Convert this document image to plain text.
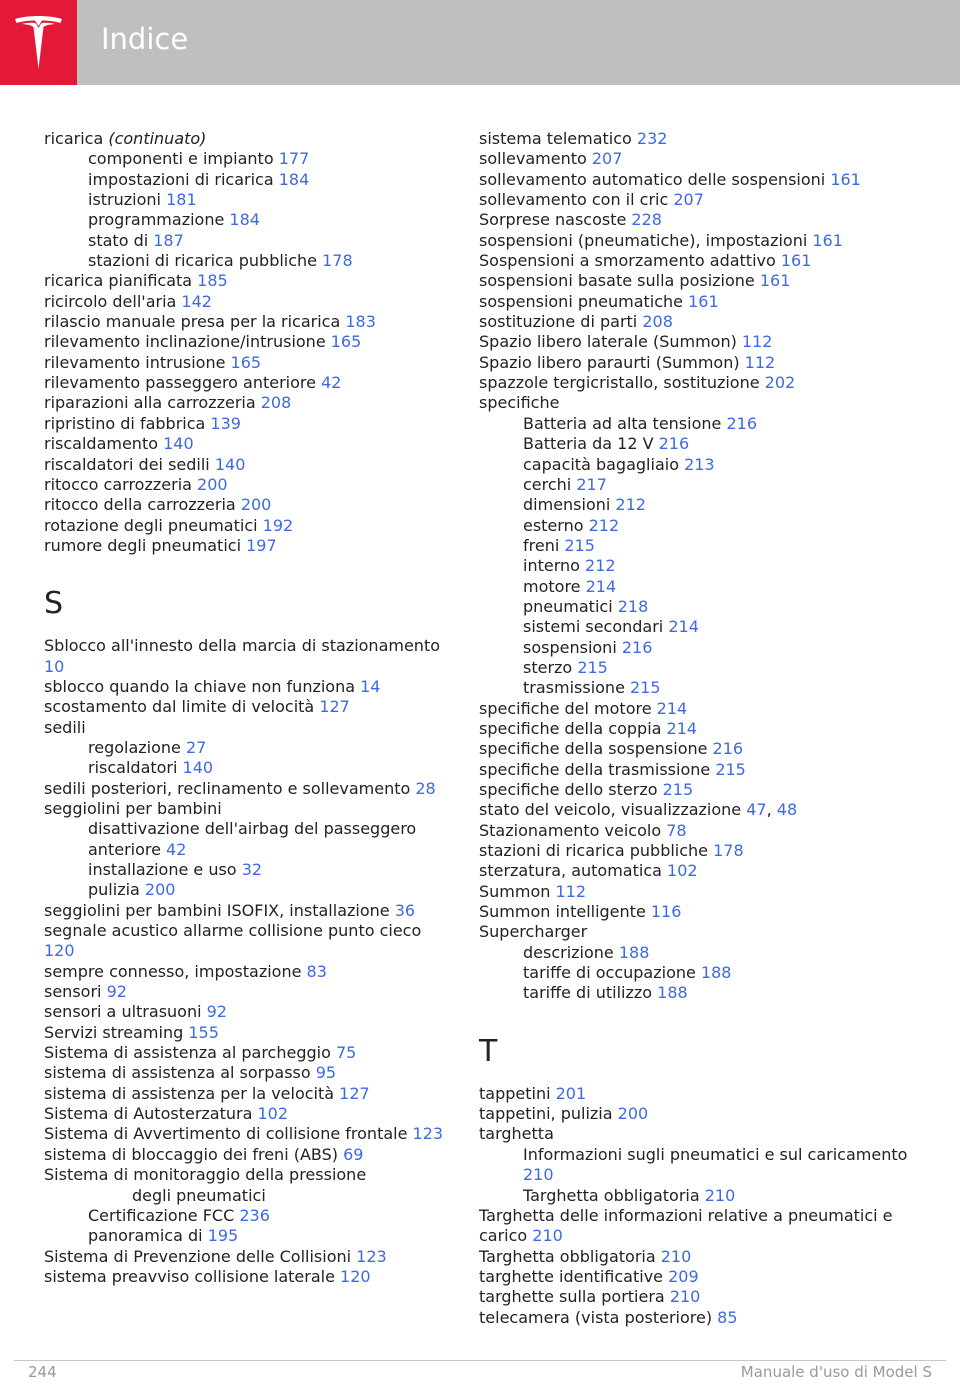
Indice
ricarica (continuato)
componenti e impianto 177
impostazioni di ricarica 184
istruzioni 181
programmazione 184
stato di 187
stazioni di ricarica pubbliche 178
ricarica pianificata 185
ricircolo dell'aria 142
rilascio manuale presa per la ricarica 183
rilevamento inclinazione/intrusione 165
rilevamento intrusione 165
rilevamento passeggero anteriore 42
riparazioni alla carrozzeria 208
ripristino di fabbrica 139
riscaldamento 140
riscaldatori dei sedili 140
ritocco carrozzeria 200
ritocco della carrozzeria 200
rotazione degli pneumatici 192
rumore degli pneumatici 197
S
Sblocco all'innesto della marcia di stazionamento 10
sblocco quando la chiave non funziona 14
scostamento dal limite di velocità 127
sedili
regolazione 27
riscaldatori 140
sedili posteriori, reclinamento e sollevamento 28
seggiolini per bambini
disattivazione dell'airbag del passeggero anteriore 42
installazione e uso 32
pulizia 200
seggiolini per bambini ISOFIX, installazione 36
segnale acustico allarme collisione punto cieco 120
sempre connesso, impostazione 83
sensori 92
sensori a ultrasuoni 92
Servizi streaming 155
Sistema di assistenza al parcheggio 75
sistema di assistenza al sorpasso 95
sistema di assistenza per la velocità 127
Sistema di Autosterzatura 102
Sistema di Avvertimento di collisione frontale 123
sistema di bloccaggio dei freni (ABS) 69
Sistema di monitoraggio della pressione
degli pneumatici
Certificazione FCC 236
panoramica di 195
Sistema di Prevenzione delle Collisioni 123
sistema preavviso collisione laterale 120
sistema telematico 232
sollevamento 207
sollevamento automatico delle sospensioni 161
sollevamento con il cric 207
Sorprese nascoste 228
sospensioni (pneumatiche), impostazioni 161
Sospensioni a smorzamento adattivo 161
sospensioni basate sulla posizione 161
sospensioni pneumatiche 161
sostituzione di parti 208
Spazio libero laterale (Summon) 112
Spazio libero paraurti (Summon) 112
spazzole tergicristallo, sostituzione 202
specifiche
Batteria ad alta tensione 216
Batteria da 12 V 216
capacità bagagliaio 213
cerchi 217
dimensioni 212
esterno 212
freni 215
interno 212
motore 214
pneumatici 218
sistemi secondari 214
sospensioni 216
sterzo 215
trasmissione 215
specifiche del motore 214
specifiche della coppia 214
specifiche della sospensione 216
specifiche della trasmissione 215
specifiche dello sterzo 215
stato del veicolo, visualizzazione 47, 48
Stazionamento veicolo 78
stazioni di ricarica pubbliche 178
sterzatura, automatica 102
Summon 112
Summon intelligente 116
Supercharger
descrizione 188
tariffe di occupazione 188
tariffe di utilizzo 188
T
tappetini 201
tappetini, pulizia 200
targhetta
Informazioni sugli pneumatici e sul caricamento 210
Targhetta obbligatoria 210
Targhetta delle informazioni relative a pneumatici e carico 210
Targhetta obbligatoria 210
targhette identificative 209
targhette sulla portiera 210
telecamera (vista posteriore) 85
244	Manuale d'uso di Model S
